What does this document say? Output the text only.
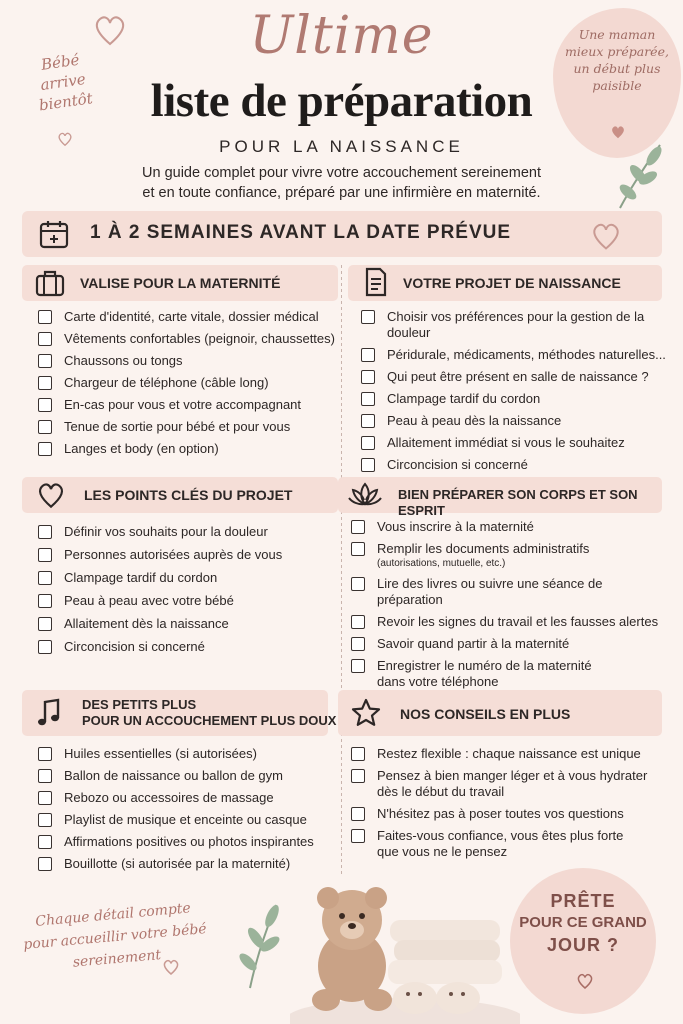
Une maman mieux préparée, un début plus paisible
Bébé arrive bientôt
Ultime
liste de préparation
POUR LA NAISSANCE
Un guide complet pour vivre votre accouchement sereinement
et en toute confiance, préparé par une infirmière en maternité.
1 À 2 SEMAINES AVANT LA DATE PRÉVUE
VALISE POUR LA MATERNITÉ
Carte d'identité, carte vitale, dossier médical
Vêtements confortables (peignoir, chaussettes)
Chaussons ou tongs
Chargeur de téléphone (câble long)
En-cas pour vous et votre accompagnant
Tenue de sortie pour bébé et pour vous
Langes et body (en option)
VOTRE PROJET DE NAISSANCE
Choisir vos préférences pour la gestion de la douleur
Péridurale, médicaments, méthodes naturelles...
Qui peut être présent en salle de naissance ?
Clampage tardif du cordon
Peau à peau dès la naissance
Allaitement immédiat si vous le souhaitez
Circoncision si concerné
LES POINTS CLÉS DU PROJET
Définir vos souhaits pour la douleur
Personnes autorisées auprès de vous
Clampage tardif du cordon
Peau à peau avec votre bébé
Allaitement dès la naissance
Circoncision si concerné
BIEN PRÉPARER SON CORPS ET SON ESPRIT
Vous inscrire à la maternité
Remplir les documents administratifs
(autorisations, mutuelle, etc.)
Lire des livres ou suivre une séance de préparation
Revoir les signes du travail et les fausses alertes
Savoir quand partir à la maternité
Enregistrer le numéro de la maternité
dans votre téléphone
DES PETITS PLUS
POUR UN ACCOUCHEMENT PLUS DOUX
Huiles essentielles (si autorisées)
Ballon de naissance ou ballon de gym
Rebozo ou accessoires de massage
Playlist de musique et enceinte ou casque
Affirmations positives ou photos inspirantes
Bouillotte (si autorisée par la maternité)
NOS CONSEILS EN PLUS
Restez flexible : chaque naissance est unique
Pensez à bien manger léger et à vous hydrater
dès le début du travail
N'hésitez pas à poser toutes vos questions
Faites-vous confiance, vous êtes plus forte
que vous ne le pensez
Chaque détail compte pour accueillir votre bébé sereinement
PRÊTE
POUR CE GRAND
JOUR ?
